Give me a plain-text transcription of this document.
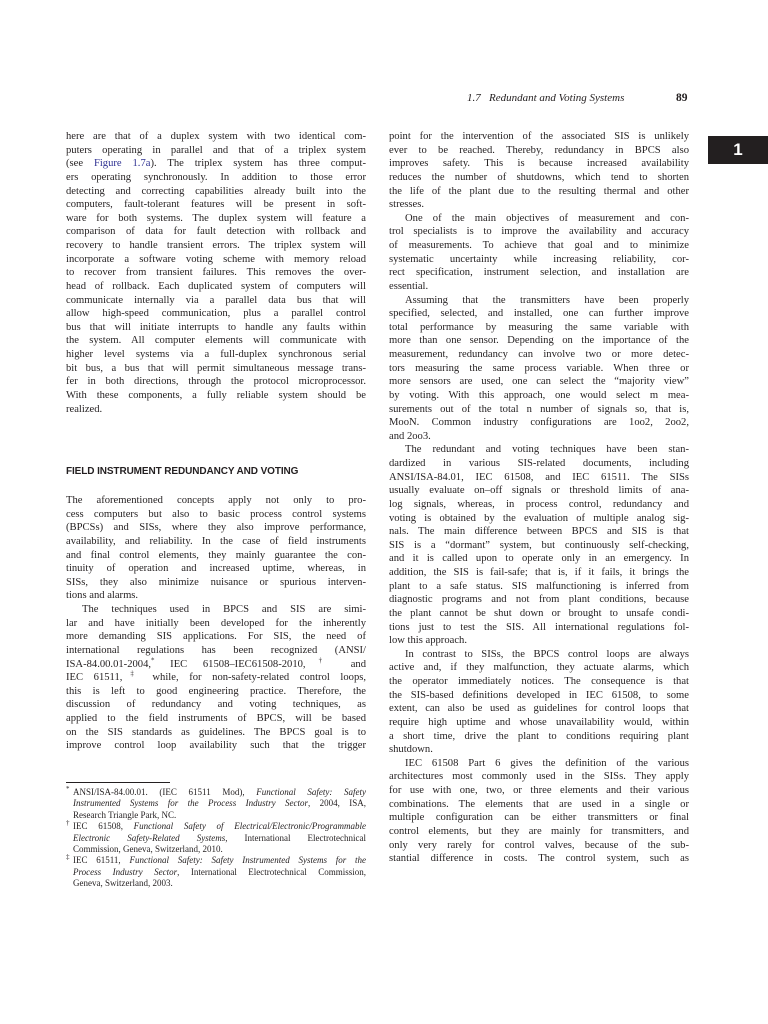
1.7   Redundant and Voting Systems	89
1
here are that of a duplex system with two identical com-
puters operating in parallel and that of a triplex system
(see Figure 1.7a). The triplex system has three comput-
ers operating synchronously. In addition to those error
detecting and correcting capabilities already built into the
computers, fault-tolerant features will be present in soft-
ware for both systems. The duplex system will feature a
comparison of data for fault detection with rollback and
recovery to handle transient errors. The triplex system will
incorporate a software voting scheme with memory reload
to recover from transient failures. This removes the over-
head of rollback. Each duplicated system of computers will
communicate internally via a parallel data bus that will
allow high-speed communication, plus a parallel control
bus that will initiate interrupts to handle any faults within
the system. All computer elements will communicate with
higher level systems via a full-duplex synchronous serial
bit bus, a bus that will permit simultaneous message trans-
fer in both directions, through the protocol microprocessor.
With these components, a fully reliable system should be
realized.
FIELD INSTRUMENT REDUNDANCY AND VOTING
The aforementioned concepts apply not only to pro-
cess computers but also to basic process control systems
(BPCSs) and SISs, where they also improve performance,
availability, and reliability. In the case of field instruments
and final control elements, they mainly guarantee the con-
tinuity of operation and increased uptime, whereas, in
SISs, they also minimize nuisance or spurious interven-
tions and alarms.
The techniques used in BPCS and SIS are simi-
lar and have initially been developed for the inherently
more demanding SIS applications. For SIS, the need of
international regulations has been recognized (ANSI/
ISA-84.00.01-2004,* IEC 61508–IEC61508-2010,† and
IEC 61511,‡ while, for non-safety-related control loops,
this is left to good engineering practice. Therefore, the
discussion of redundancy and voting techniques, as
applied to the field instruments of BPCS, will be based
on the SIS standards as guidelines. The BPCS goal is to
improve control loop availability such that the trigger
* ANSI/ISA-84.00.01. (IEC 61511 Mod), Functional Safety: Safety
Instrumented Systems for the Process Industry Sector, 2004, ISA,
Research Triangle Park, NC.
† IEC 61508, Functional Safety of Electrical/Electronic/Programmable
Electronic Safety-Related Systems, International Electrotechnical
Commission, Geneva, Switzerland, 2010.
‡ IEC 61511, Functional Safety: Safety Instrumented Systems for the
Process Industry Sector, International Electrotechnical Commission,
Geneva, Switzerland, 2003.
point for the intervention of the associated SIS is unlikely
ever to be reached. Thereby, redundancy in BPCS also
improves safety. This is because increased availability
reduces the number of shutdowns, which tend to shorten
the life of the plant due to the resulting thermal and other
stresses.
One of the main objectives of measurement and con-
trol specialists is to improve the availability and accuracy
of measurements. To achieve that goal and to minimize
systematic uncertainty while increasing reliability, cor-
rect specification, instrument selection, and installation are
essential.
Assuming that the transmitters have been properly
specified, selected, and installed, one can further improve
total performance by measuring the same variable with
more than one sensor. Depending on the importance of the
measurement, redundancy can involve two or more detec-
tors measuring the same process variable. When three or
more sensors are used, one can select the “majority view”
by voting. With this approach, one would select m mea-
surements out of the total n number of signals so, that is,
MooN. Common industry configurations are 1oo2, 2oo2,
and 2oo3.
The redundant and voting techniques have been stan-
dardized in various SIS-related documents, including
ANSI/ISA-84.01, IEC 61508, and IEC 61511. The SISs
usually evaluate on–off signals or threshold limits of ana-
log signals, whereas, in process control, redundancy and
voting is obtained by the evaluation of multiple analog sig-
nals. The main difference between BPCS and SIS is that
SIS is a “dormant” system, but continuously self-checking,
and it is called upon to operate only in an emergency. In
addition, the SIS is fail-safe; that is, if it fails, it brings the
plant to a safe status. SIS malfunctioning is inferred from
diagnostic programs and not from plant conditions, because
the plant cannot be shut down or brought to unsafe condi-
tions just to test the SIS. All international regulations fol-
low this approach.
In contrast to SISs, the BPCS control loops are always
active and, if they malfunction, they actuate alarms, which
the operator immediately notices. The consequence is that
the SIS-based definitions developed in IEC 61508, to some
extent, can also be used as guidelines for control loops that
require high uptime and whose unavailability would, within
a short time, drive the plant to conditions requiring plant
shutdown.
IEC 61508 Part 6 gives the definition of the various
architectures most commonly used in the SISs. They apply
for use with one, two, or three elements and their various
combinations. The elements that are used in a single or
multiple configuration can be either transmitters or final
control elements, but they are mainly for transmitters, and
only very rarely for control valves, because of the sub-
stantial difference in costs. The control system, such as
